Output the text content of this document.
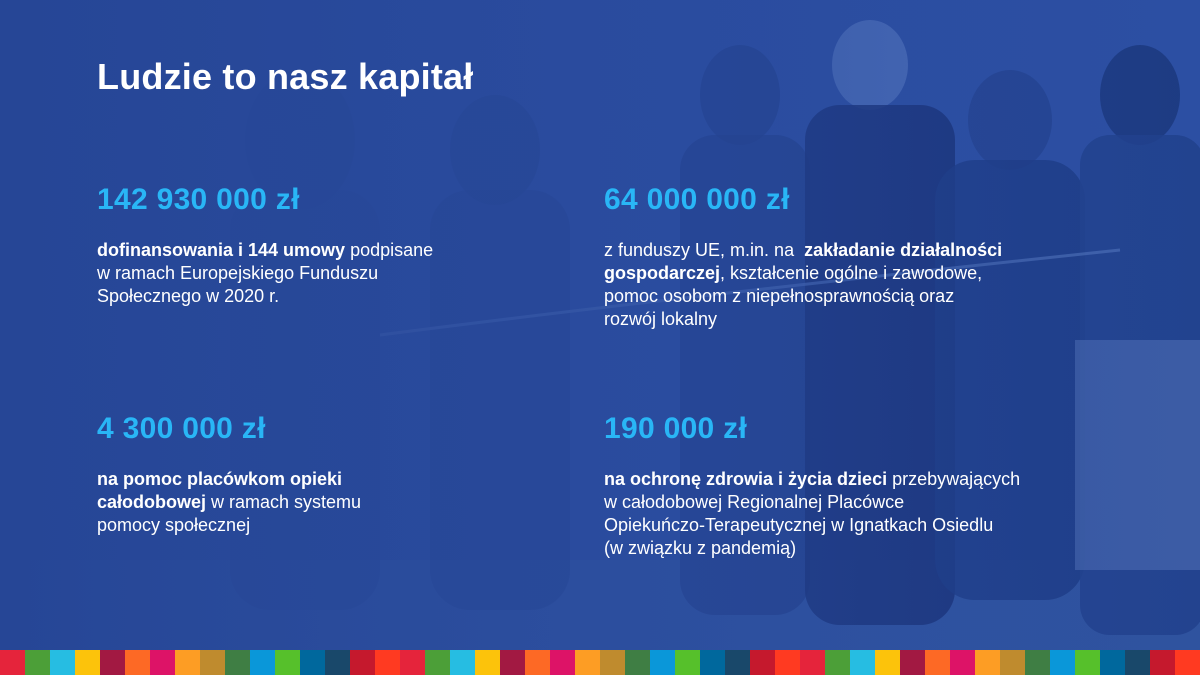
Ludzie to nasz kapitał

142 930 000 zł

dofinansowania i 144 umowy podpisane
w ramach Europejskiego Funduszu
Społecznego w 2020 r.

64 000 000 zł

z funduszy UE, m.in. na  zakładanie działalności
gospodarczej, kształcenie ogólne i zawodowe,
pomoc osobom z niepełnosprawnością oraz
rozwój lokalny

4 300 000 zł

na pomoc placówkom opieki
całodobowej w ramach systemu
pomocy społecznej

190 000 zł

na ochronę zdrowia i życia dzieci przebywających
w całodobowej Regionalnej Placówce
Opiekuńczo-Terapeutycznej w Ignatkach Osiedlu
(w związku z pandemią)
